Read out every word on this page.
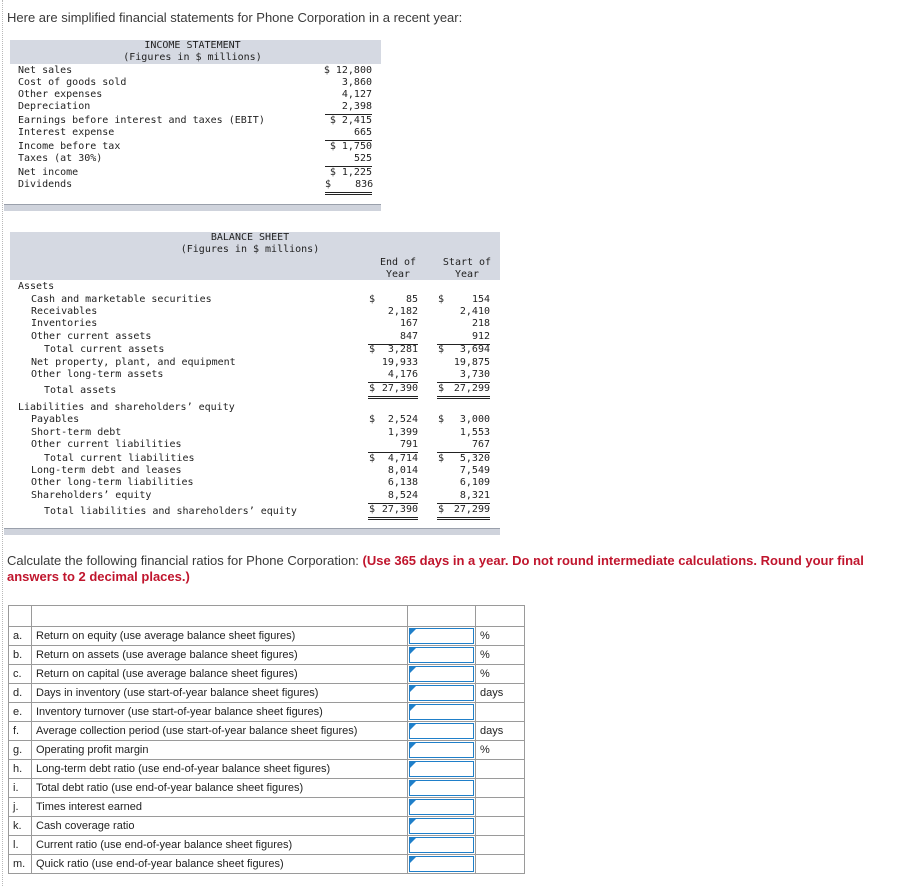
Here are simplified financial statements for Phone Corporation in a recent year:
INCOME STATEMENT
(Figures in $ millions)
Net sales	$ 12,800
Cost of goods sold	3,860
Other expenses	4,127
Depreciation	2,398
Earnings before interest and taxes (EBIT)	$ 2,415
Interest expense	665
Income before tax	$ 1,750
Taxes (at 30%)	525
Net income	$ 1,225
Dividends	$    836
BALANCE SHEET
(Figures in $ millions)
End of
Year
Start of
Year
Assets
Cash and marketable securities	$	85 $	154
Receivables	2,182	2,410
Inventories	167	218
Other current assets	847	912
Total current assets	$	3,281 $	3,694
Net property, plant, and equipment	19,933	19,875
Other long-term assets	4,176	3,730
Total assets	$ 27,390 $ 27,299
Liabilities and shareholders’ equity
Payables	$	2,524 $	3,000
Short-term debt	1,399	1,553
Other current liabilities	791	767
Total current liabilities	$	4,714 $	5,320
Long-term debt and leases	8,014	7,549
Other long-term liabilities	6,138	6,109
Shareholders’ equity	8,524	8,321
Total liabilities and shareholders’ equity	$ 27,390 $ 27,299
Calculate the following financial ratios for Phone Corporation: (Use 365 days in a year. Do not round intermediate calculations. Round your final answers to 2 decimal places.)

a.	Return on equity (use average balance sheet figures)		%
b.	Return on assets (use average balance sheet figures)		%
c.	Return on capital (use average balance sheet figures)		%
d.	Days in inventory (use start-of-year balance sheet figures)		days
e.	Inventory turnover (use start-of-year balance sheet figures)	

f.	Average collection period (use start-of-year balance sheet figures)		days
g.	Operating profit margin		%
h.	Long-term debt ratio (use end-of-year balance sheet figures)	

i.	Total debt ratio (use end-of-year balance sheet figures)	

j.	Times interest earned	

k.	Cash coverage ratio	

l.	Current ratio (use end-of-year balance sheet figures)	

m.	Quick ratio (use end-of-year balance sheet figures)	
